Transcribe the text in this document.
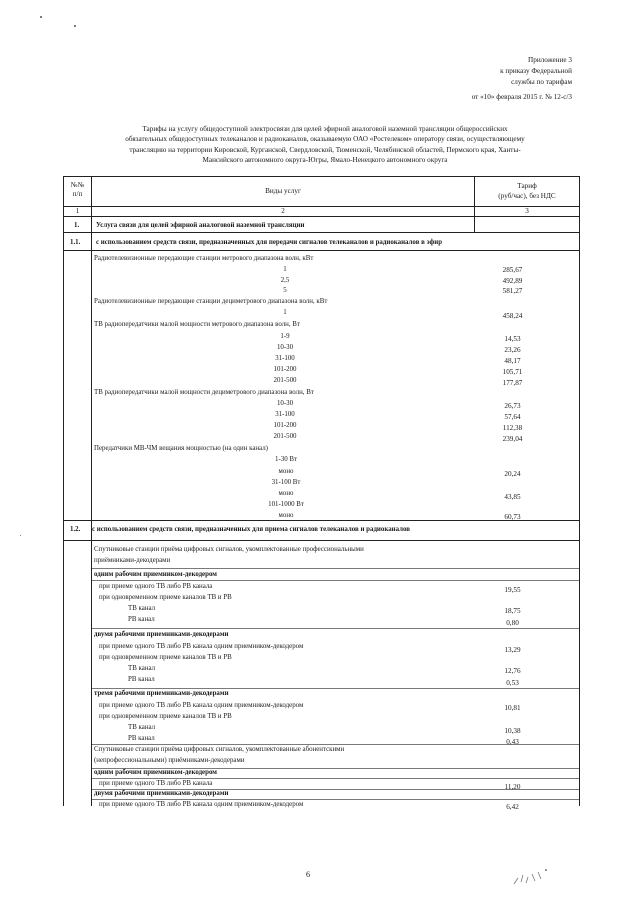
Приложение 3
к приказу Федеральной
службы по тарифам
от «10» февраля 2015 г. № 12-с/3
Тарифы на услугу общедоступной электросвязи для целей эфирной аналоговой наземной трансляции общероссийских
обязательных общедоступных телеканалов и радиоканалов, оказываемую ОАО «Ростелеком» оператору связи, осуществляющему
трансляцию на территории Кировской, Курганской, Свердловской, Тюменской, Челябинской областей, Пермского края, Ханты-
Мансийского автономного округа-Югры, Ямало-Ненецкого автономного округа
№№
п/п	Виды услуг
Тариф
(руб/час), без НДС
1	2	3
1. Услуга связи для целей эфирной аналоговой наземной трансляции
1.1. с использованием средств связи, предназначенных для передачи сигналов телеканалов и радиоканалов в эфир
Радиотелевизионные передающие станции метрового диапазона волн, кВт
1	285,67
2,5	492,89
5	581,27
Радиотелевизионные передающие станции дециметрового диапазона волн, кВт
1	458,24
ТВ радиопередатчики малой мощности метрового диапазона волн, Вт
1-9	14,53
10-30	23,26
31-100	48,17
101-200	105,71
201-500	177,87
ТВ радиопередатчики малой мощности дециметрового диапазона волн, Вт
10-30	26,73
31-100	57,64
101-200	112,38
201-500	239,04
Передатчики МВ-ЧМ вещания мощностью (на один канал)
1-30 Вт
моно	20,24
31-100 Вт
моно	43,85
101-1000 Вт
моно	60,73
1.2. с использованием средств связи, предназначенных для приема сигналов телеканалов и радиоканалов
Спутниковые станции приёма цифровых сигналов, укомплектованные профессиональными
приёмниками-декодерами
одним рабочим приемником-декодером
при приеме одного ТВ либо РВ канала	19,55
при одновременном приеме каналов ТВ и РВ
ТВ канал	18,75
РВ канал	0,80
двумя рабочими приемниками-декодерами
при приеме одного ТВ либо РВ канала одним приемником-декодером	13,29
при одновременном приеме каналов ТВ и РВ
ТВ канал	12,76
РВ канал	0,53
тремя рабочими приемниками-декодерами
при приеме одного ТВ либо РВ канала одним приемником-декодером	10,81
при одновременном приеме каналов ТВ и РВ
ТВ канал	10,38
РВ канал	0,43
Спутниковые станции приёма цифровых сигналов, укомплектованные абонентскими
(непрофессиональными) приёмниками-декодерами
одним рабочим приемником-декодером
при приеме одного ТВ либо РВ канала	11,20
двумя рабочими приемниками-декодерами
при приеме одного ТВ либо РВ канала одним приемником-декодером	6,42
6
